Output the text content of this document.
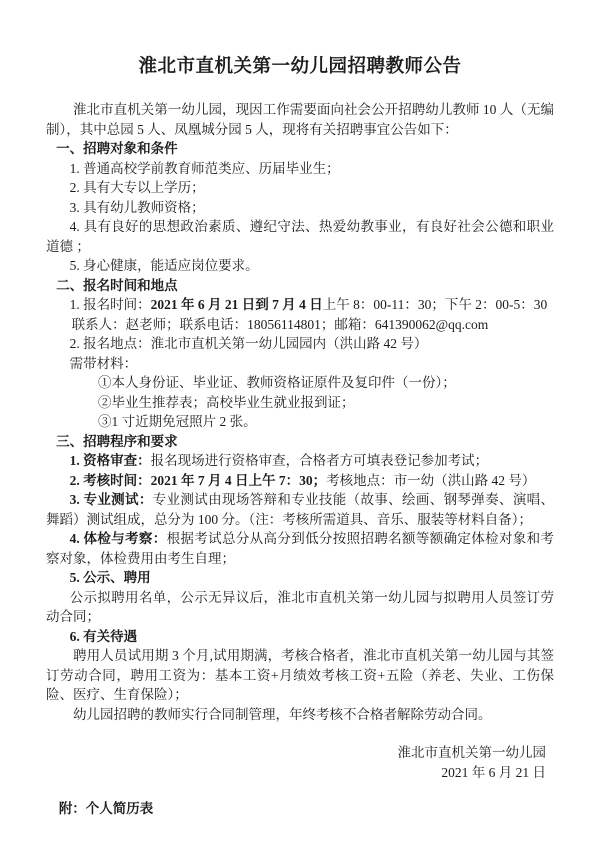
淮北市直机关第一幼儿园招聘教师公告
淮北市直机关第一幼儿园，现因工作需要面向社会公开招聘幼儿教师 10 人（无编制），其中总园 5 人、凤凰城分园 5 人，现将有关招聘事宜公告如下：
一、招聘对象和条件
1. 普通高校学前教育师范类应、历届毕业生；
2. 具有大专以上学历；
3. 具有幼儿教师资格；
4. 具有良好的思想政治素质、遵纪守法、热爱幼教事业，有良好社会公德和职业道德 ；
5. 身心健康，能适应岗位要求。
二、报名时间和地点
1. 报名时间：2021 年 6 月 21 日到 7 月 4 日上午 8：00-11：30；下午 2：00-5：30
联系人：赵老师；联系电话：18056114801；邮箱：641390062@qq.com
2. 报名地点：淮北市直机关第一幼儿园园内（洪山路 42 号）
需带材料：
①本人身份证、毕业证、教师资格证原件及复印件（一份）；
②毕业生推荐表；高校毕业生就业报到证；
③1 寸近期免冠照片 2 张。
三、招聘程序和要求
1. 资格审查：报名现场进行资格审查，合格者方可填表登记参加考试；
2. 考核时间：2021 年 7 月 4 日上午 7：30；考核地点：市一幼（洪山路 42 号）
3. 专业测试：专业测试由现场答辩和专业技能（故事、绘画、钢琴弹奏、演唱、舞蹈）测试组成，总分为 100 分。（注：考核所需道具、音乐、服装等材料自备）；
4. 体检与考察：根据考试总分从高分到低分按照招聘名额等额确定体检对象和考察对象，体检费用由考生自理；
5. 公示、聘用
公示拟聘用名单，公示无异议后，淮北市直机关第一幼儿园与拟聘用人员签订劳动合同；
6. 有关待遇
聘用人员试用期 3 个月,试用期满，考核合格者，淮北市直机关第一幼儿园与其签订劳动合同，聘用工资为：基本工资+月绩效考核工资+五险（养老、失业、工伤保险、医疗、生育保险）；
幼儿园招聘的教师实行合同制管理，年终考核不合格者解除劳动合同。
淮北市直机关第一幼儿园
2021 年 6 月 21 日
附：个人简历表
